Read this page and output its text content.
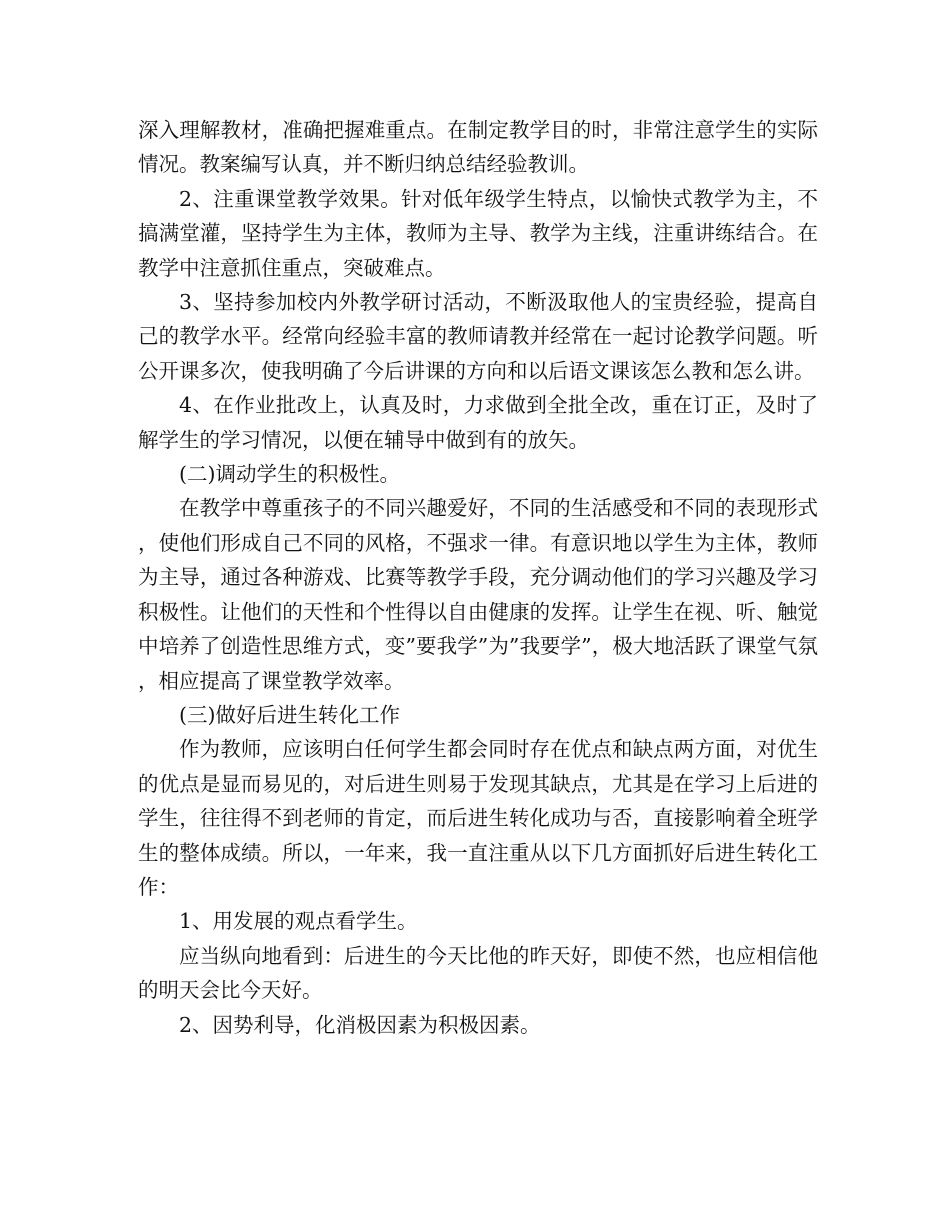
深入理解教材，准确把握难重点。在制定教学目的时，非常注意学生的实际情况。教案编写认真，并不断归纳总结经验教训。

2、注重课堂教学效果。针对低年级学生特点，以愉快式教学为主，不搞满堂灌，坚持学生为主体，教师为主导、教学为主线，注重讲练结合。在教学中注意抓住重点，突破难点。

3、坚持参加校内外教学研讨活动，不断汲取他人的宝贵经验，提高自己的教学水平。经常向经验丰富的教师请教并经常在一起讨论教学问题。听公开课多次，使我明确了今后讲课的方向和以后语文课该怎么教和怎么讲。

4、在作业批改上，认真及时，力求做到全批全改，重在订正，及时了解学生的学习情况，以便在辅导中做到有的放矢。

(二)调动学生的积极性。

在教学中尊重孩子的不同兴趣爱好，不同的生活感受和不同的表现形式，使他们形成自己不同的风格，不强求一律。有意识地以学生为主体，教师为主导，通过各种游戏、比赛等教学手段，充分调动他们的学习兴趣及学习积极性。让他们的天性和个性得以自由健康的发挥。让学生在视、听、触觉中培养了创造性思维方式，变”要我学”为”我要学”，极大地活跃了课堂气氛，相应提高了课堂教学效率。

(三)做好后进生转化工作

作为教师，应该明白任何学生都会同时存在优点和缺点两方面，对优生的优点是显而易见的，对后进生则易于发现其缺点，尤其是在学习上后进的学生，往往得不到老师的肯定，而后进生转化成功与否，直接影响着全班学生的整体成绩。所以，一年来，我一直注重从以下几方面抓好后进生转化工作：

1、用发展的观点看学生。

应当纵向地看到：后进生的今天比他的昨天好，即使不然，也应相信他的明天会比今天好。

2、因势利导，化消极因素为积极因素。
